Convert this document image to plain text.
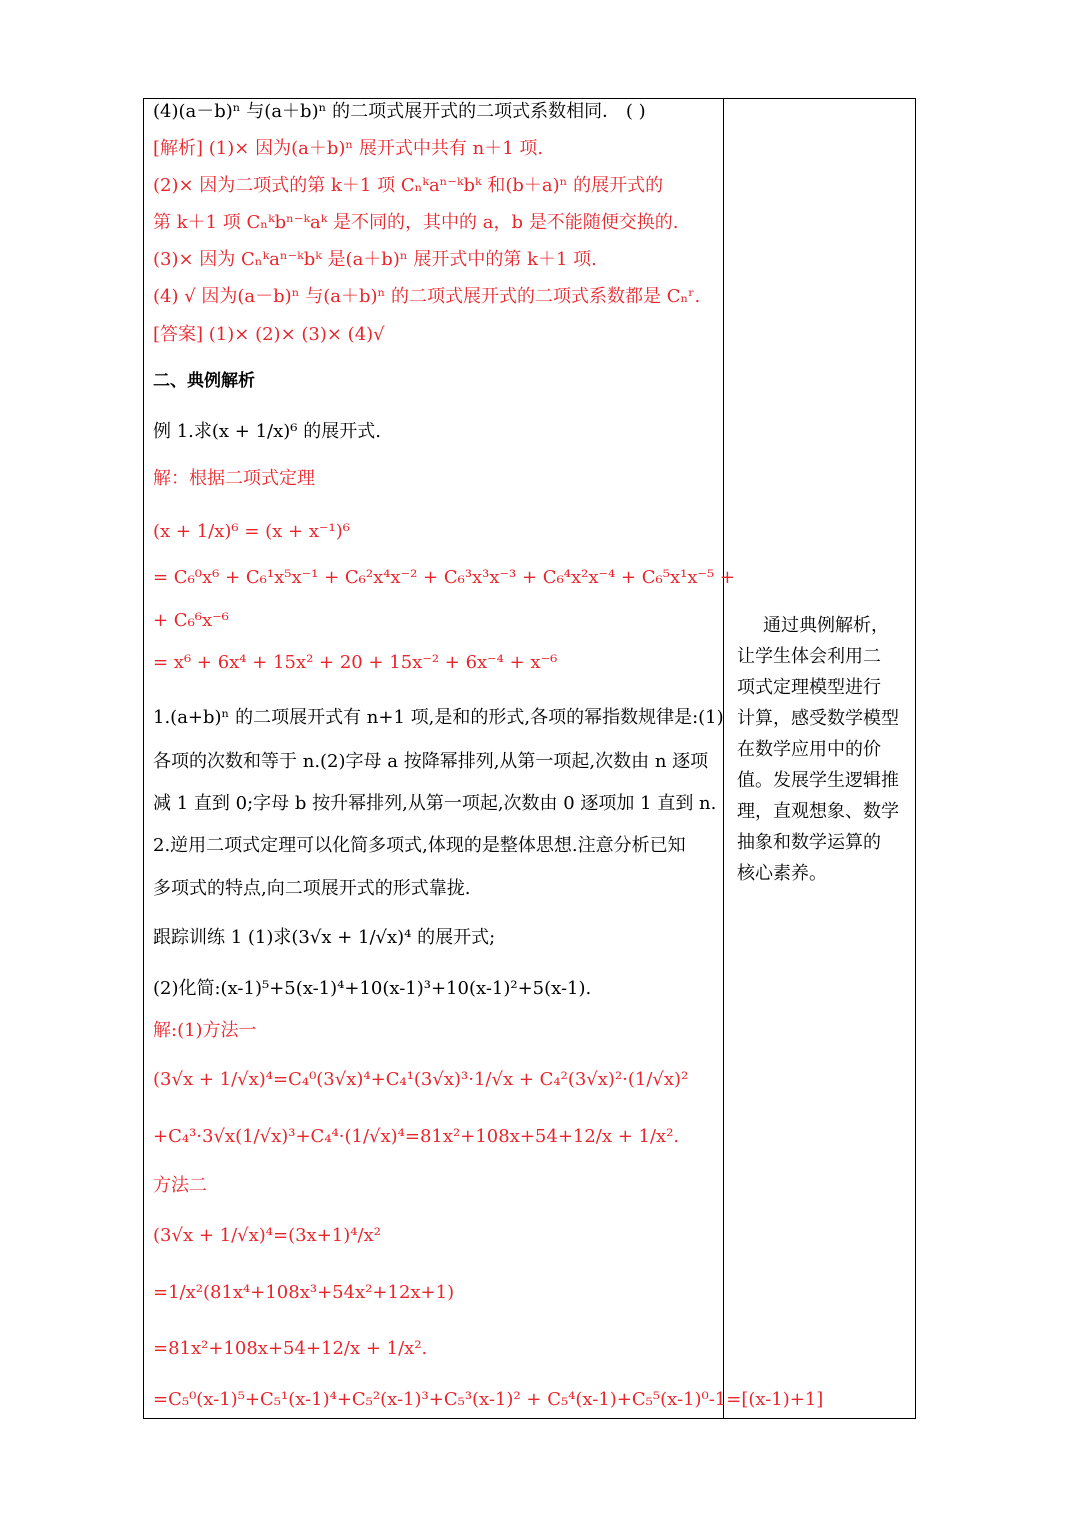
(4)(a－b)ⁿ 与(a＋b)ⁿ 的二项式展开式的二项式系数相同． ( )
[解析] (1)× 因为(a＋b)ⁿ 展开式中共有 n＋1 项.
(2)× 因为二项式的第 k＋1 项 Cₙᵏaⁿ⁻ᵏbᵏ 和(b＋a)ⁿ 的展开式的
第 k＋1 项 Cₙᵏbⁿ⁻ᵏaᵏ 是不同的，其中的 a，b 是不能随便交换的.
(3)× 因为 Cₙᵏaⁿ⁻ᵏbᵏ 是(a＋b)ⁿ 展开式中的第 k＋1 项.
(4) √ 因为(a－b)ⁿ 与(a＋b)ⁿ 的二项式展开式的二项式系数都是 Cₙʳ.
[答案] (1)× (2)× (3)× (4)√
二、典例解析
例 1.求(x + 1/x)⁶ 的展开式.
解：根据二项式定理
(x + 1/x)⁶ = (x + x⁻¹)⁶
= C₆⁰x⁶ + C₆¹x⁵x⁻¹ + C₆²x⁴x⁻² + C₆³x³x⁻³ + C₆⁴x²x⁻⁴ + C₆⁵x¹x⁻⁵ +
+ C₆⁶x⁻⁶
= x⁶ + 6x⁴ + 15x² + 20 + 15x⁻² + 6x⁻⁴ + x⁻⁶
1.(a+b)ⁿ 的二项展开式有 n+1 项,是和的形式,各项的幂指数规律是:(1)
各项的次数和等于 n.(2)字母 a 按降幂排列,从第一项起,次数由 n 逐项
减 1 直到 0;字母 b 按升幂排列,从第一项起,次数由 0 逐项加 1 直到 n.
2.逆用二项式定理可以化简多项式,体现的是整体思想.注意分析已知
多项式的特点,向二项展开式的形式靠拢.
跟踪训练 1 (1)求(3√x + 1/√x)⁴ 的展开式;
(2)化简:(x-1)⁵+5(x-1)⁴+10(x-1)³+10(x-1)²+5(x-1).
解:(1)方法一
(3√x + 1/√x)⁴=C₄⁰(3√x)⁴+C₄¹(3√x)³·1/√x + C₄²(3√x)²·(1/√x)²
+C₄³·3√x(1/√x)³+C₄⁴·(1/√x)⁴=81x²+108x+54+12/x + 1/x².
方法二
(3√x + 1/√x)⁴=(3x+1)⁴/x²
=1/x²(81x⁴+108x³+54x²+12x+1)
=81x²+108x+54+12/x + 1/x².
=C₅⁰(x-1)⁵+C₅¹(x-1)⁴+C₅²(x-1)³+C₅³(x-1)² + C₅⁴(x-1)+C₅⁵(x-1)⁰-1=[(x-1)+1]
通过典例解析，
让学生体会利用二
项式定理模型进行
计算，感受数学模型
在数学应用中的价
值。发展学生逻辑推
理，直观想象、数学
抽象和数学运算的
核心素养。
